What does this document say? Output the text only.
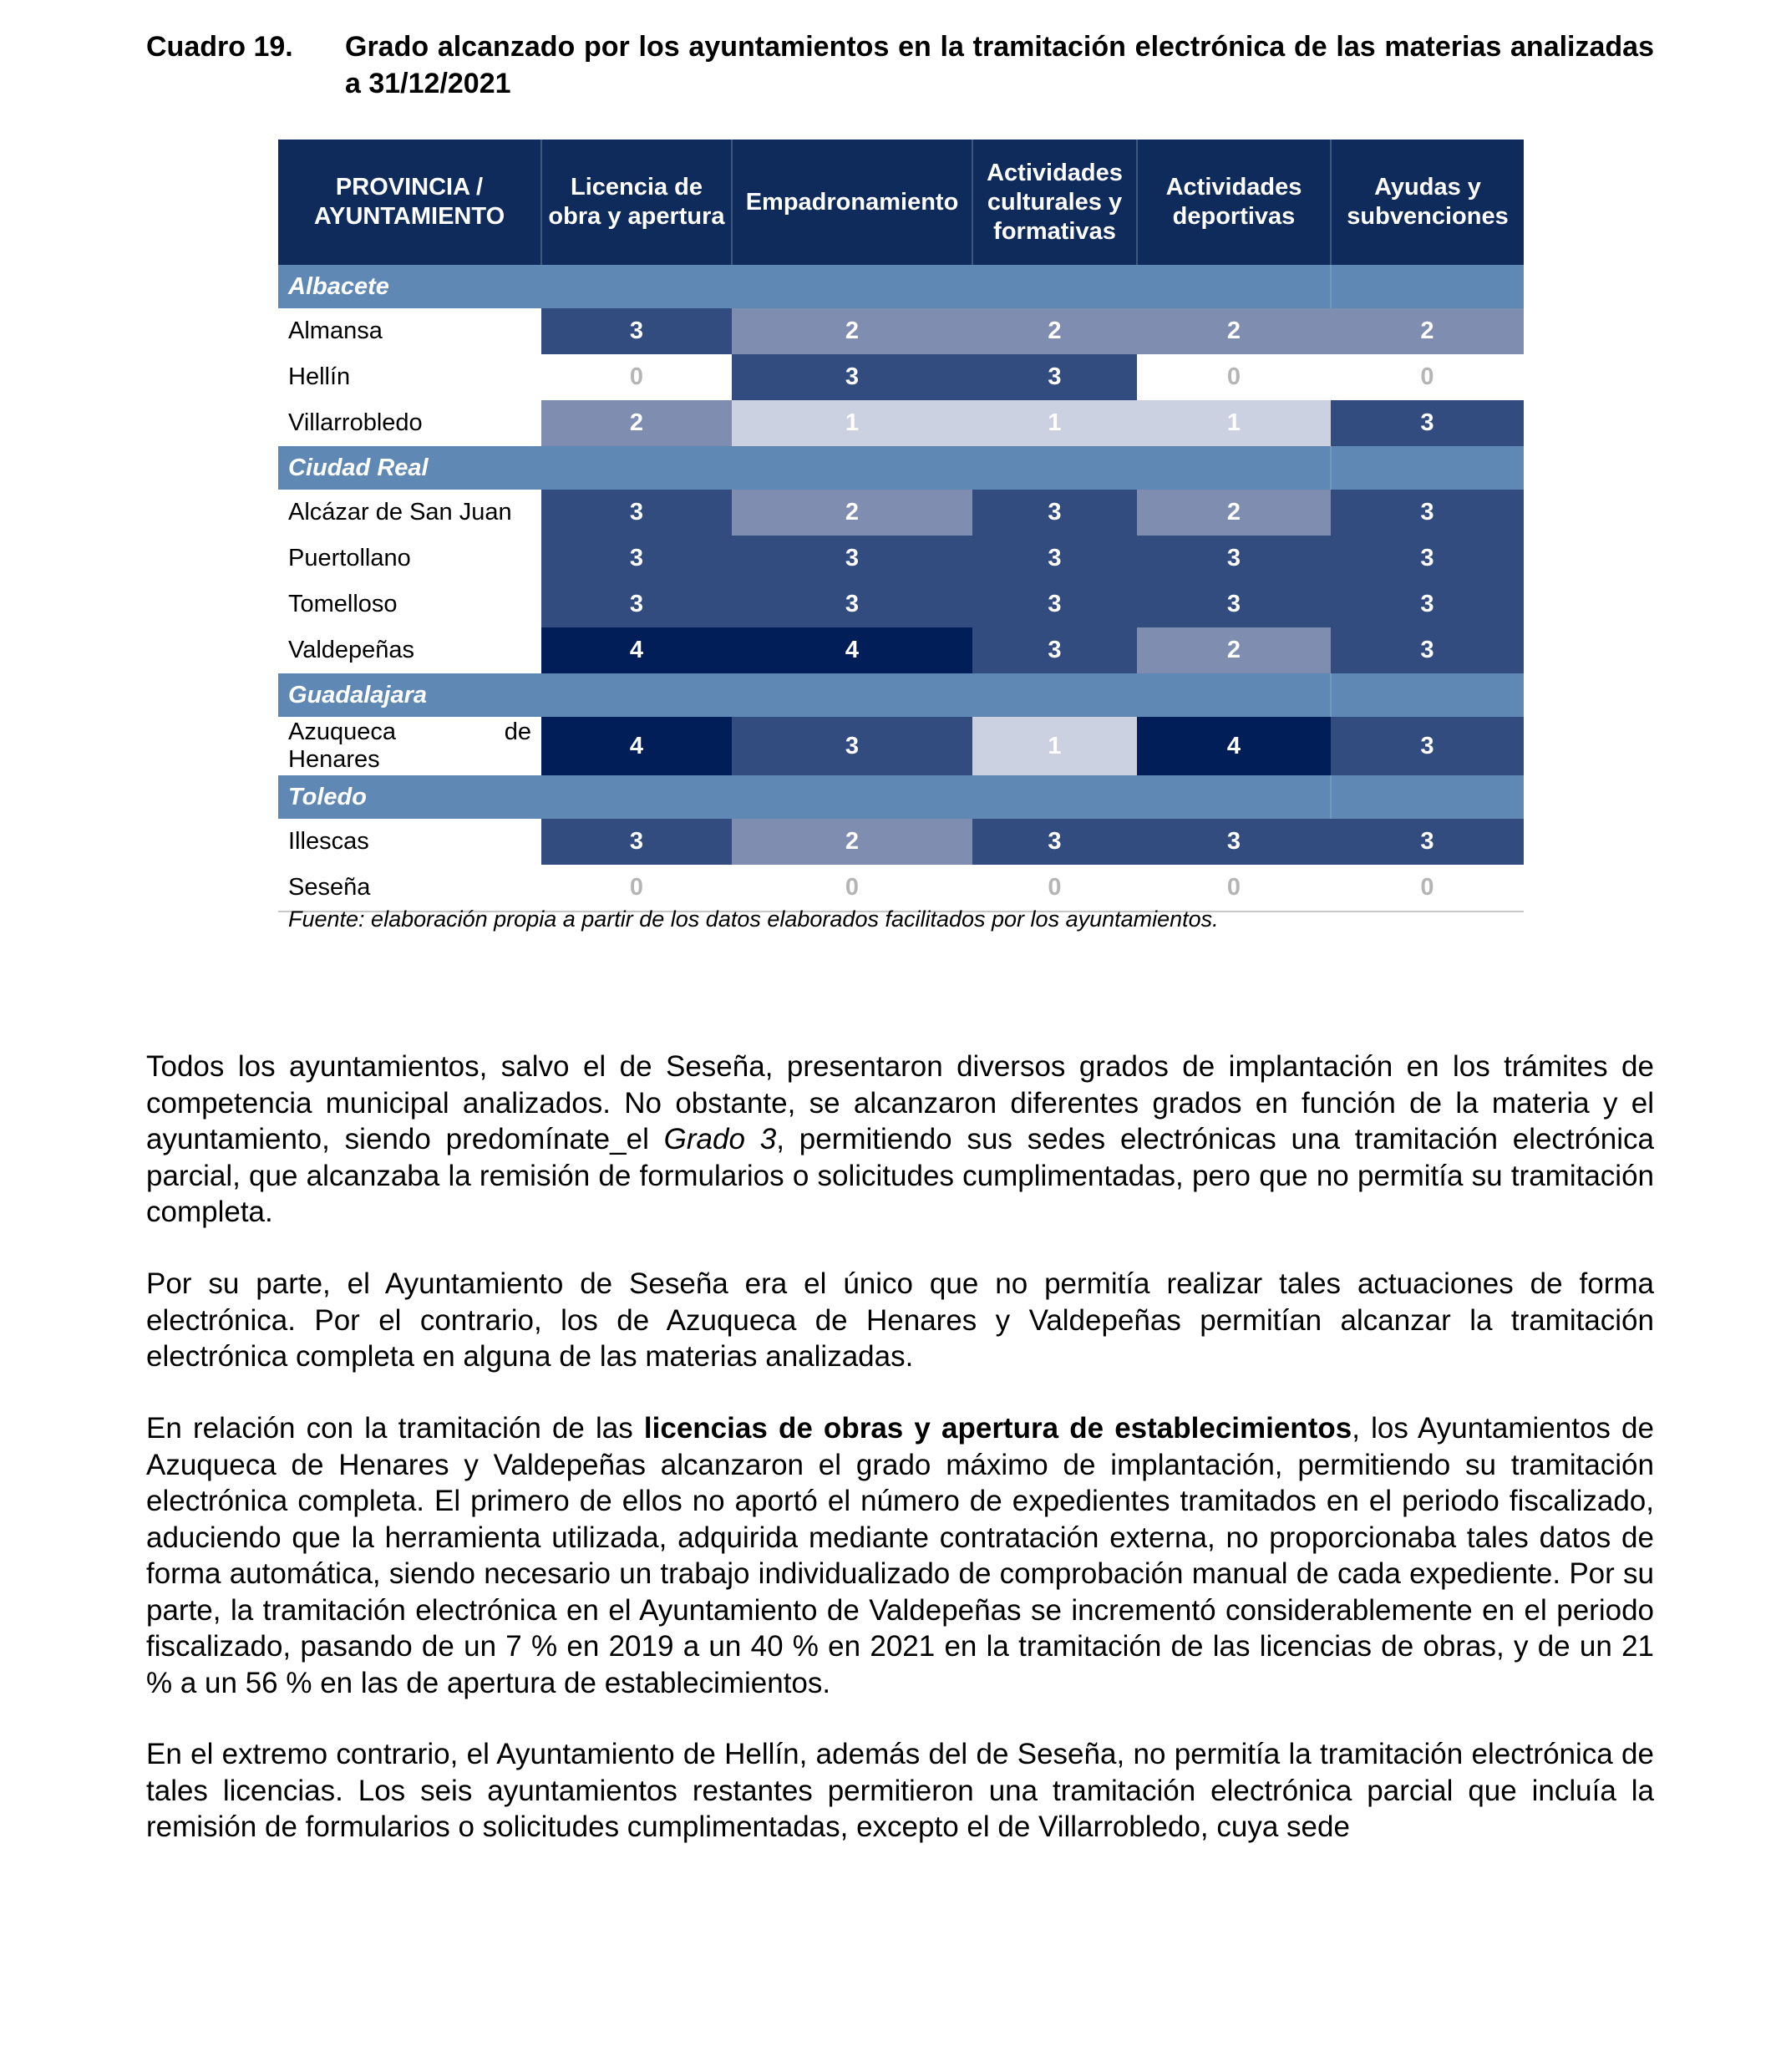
Cuadro 19. Grado alcanzado por los ayuntamientos en la tramitación electrónica de las materias analizadas a 31/12/2021
PROVINCIA / AYUNTAMIENTO	Licencia de obra y apertura	Empadronamiento	Actividades culturales y formativas	Actividades deportivas	Ayudas y subvenciones
Albacete					
Almansa	3	2	2	2	2
Hellín	0	3	3	0	0
Villarrobledo	2	1	1	1	3
Ciudad Real					
Alcázar de San Juan	3	2	3	2	3
Puertollano	3	3	3	3	3
Tomelloso	3	3	3	3	3
Valdepeñas	4	4	3	2	3
Guadalajara					

Azuqueca de
Henares	4	3	1	4	3
Toledo					
Illescas	3	2	3	3	3
Seseña	0	0	0	0	0
Fuente: elaboración propia a partir de los datos elaborados facilitados por los ayuntamientos.

Todos los ayuntamientos, salvo el de Seseña, presentaron diversos grados de implantación en los trámites de competencia municipal analizados. No obstante, se alcanzaron diferentes grados en función de la materia y el ayuntamiento, siendo predomínate_el Grado 3, permitiendo sus sedes electrónicas una tramitación electrónica parcial, que alcanzaba la remisión de formularios o solicitudes cumplimentadas, pero que no permitía su tramitación completa.

Por su parte, el Ayuntamiento de Seseña era el único que no permitía realizar tales actuaciones de forma electrónica. Por el contrario, los de Azuqueca de Henares y Valdepeñas permitían alcanzar la tramitación electrónica completa en alguna de las materias analizadas.

En relación con la tramitación de las licencias de obras y apertura de establecimientos, los Ayuntamientos de Azuqueca de Henares y Valdepeñas alcanzaron el grado máximo de implantación, permitiendo su tramitación electrónica completa. El primero de ellos no aportó el número de expedientes tramitados en el periodo fiscalizado, aduciendo que la herramienta utilizada, adquirida mediante contratación externa, no proporcionaba tales datos de forma automática, siendo necesario un trabajo individualizado de comprobación manual de cada expediente. Por su parte, la tramitación electrónica en el Ayuntamiento de Valdepeñas se incrementó considerablemente en el periodo fiscalizado, pasando de un 7 % en 2019 a un 40 % en 2021 en la tramitación de las licencias de obras, y de un 21 % a un 56 % en las de apertura de establecimientos.

En el extremo contrario, el Ayuntamiento de Hellín, además del de Seseña, no permitía la tramitación electrónica de tales licencias. Los seis ayuntamientos restantes permitieron una tramitación electrónica parcial que incluía la remisión de formularios o solicitudes cumplimentadas, excepto el de Villarrobledo, cuya sede
